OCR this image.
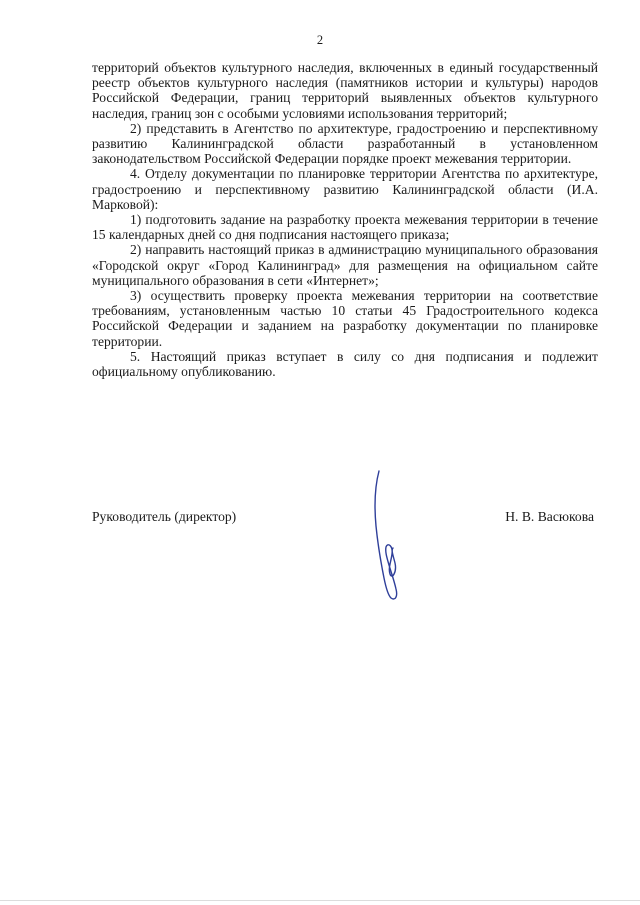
2

территорий объектов культурного наследия, включенных в единый государственный реестр объектов культурного наследия (памятников истории и культуры) народов Российской Федерации, границ территорий выявленных объектов культурного наследия, границ зон с особыми условиями использования территорий;

2) представить в Агентство по архитектуре, градостроению и перспективному развитию Калининградской области разработанный в установленном законодательством Российской Федерации порядке проект межевания территории.

4. Отделу документации по планировке территории Агентства по архитектуре, градостроению и перспективному развитию Калининградской области (И.А. Марковой):

1) подготовить задание на разработку проекта межевания территории в течение 15 календарных дней со дня подписания настоящего приказа;

2) направить настоящий приказ в администрацию муниципального образования «Городской округ «Город Калининград» для размещения на официальном сайте муниципального образования в сети «Интернет»;

3) осуществить проверку проекта межевания территории на соответствие требованиям, установленным частью 10 статьи 45 Градостроительного кодекса Российской Федерации и заданием на разработку документации по планировке территории.

5. Настоящий приказ вступает в силу со дня подписания и подлежит официальному опубликованию.

Руководитель (директор)	Н. В. Васюкова
